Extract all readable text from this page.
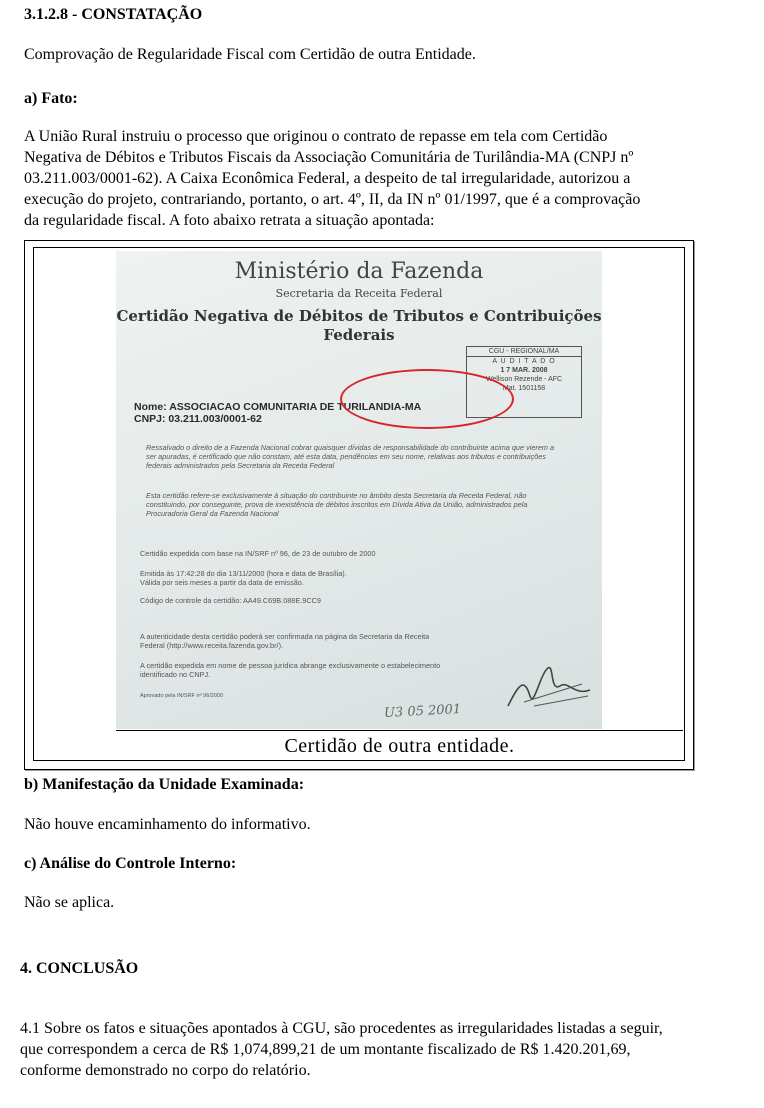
3.1.2.8 - CONSTATAÇÃO
Comprovação de Regularidade Fiscal com Certidão de outra Entidade.
a) Fato:
A União Rural instruiu o processo que originou o contrato de repasse em tela com Certidão
Negativa de Débitos e Tributos Fiscais da Associação Comunitária de Turilândia-MA (CNPJ nº
03.211.003/0001-62). A Caixa Econômica Federal, a despeito de tal irregularidade, autorizou a
execução do projeto, contrariando, portanto, o art. 4º, II, da IN nº 01/1997, que é a comprovação
da regularidade fiscal. A foto abaixo retrata a situação apontada:
Ministério da Fazenda
Secretaria da Receita Federal
Certidão Negativa de Débitos de Tributos e Contribuições
Federais
CGU - REGIONAL/MA
A U D I T A D O
1 7 MAR. 2008
Wellison Rezende - AFC
Mat. 1501158
Nome: ASSOCIACAO COMUNITARIA DE TURILANDIA-MA
CNPJ: 03.211.003/0001-62
Ressalvado o direito de a Fazenda Nacional cobrar quaisquer dívidas de responsabilidade do contribuinte acima que vierem a ser apuradas, é certificado que não constam, até esta data, pendências em seu nome, relativas aos tributos e contribuições federais administrados pela Secretaria da Receita Federal
Esta certidão refere-se exclusivamente à situação do contribuinte no âmbito desta Secretaria da Receita Federal, não constituindo, por conseguinte, prova de inexistência de débitos inscritos em Dívida Ativa da União, administrados pela Procuradoria Geral da Fazenda Nacional
Certidão expedida com base na IN/SRF nº 96, de 23 de outubro de 2000
Emitida às 17:42:28 do dia 13/11/2000 (hora e data de Brasília).
Válida por seis meses a partir da data de emissão.
Código de controle da certidão: AA49.C69B.088E.9CC9
A autenticidade desta certidão poderá ser confirmada na página da Secretaria da Receita
Federal (http://www.receita.fazenda.gov.br/).
A certidão expedida em nome de pessoa jurídica abrange exclusivamente o estabelecimento
identificado no CNPJ.
Aprovado pela IN/SRF nº 96/2000
U3 05 2001
Certidão de outra entidade.
b) Manifestação da Unidade Examinada:
Não houve encaminhamento do informativo.
c) Análise do Controle Interno:
Não se aplica.
4. CONCLUSÃO
4.1 Sobre os fatos e situações apontados à CGU, são procedentes as irregularidades listadas a seguir,
que correspondem a cerca de R$ 1,074,899,21 de um montante fiscalizado de R$ 1.420.201,69,
conforme demonstrado no corpo do relatório.
